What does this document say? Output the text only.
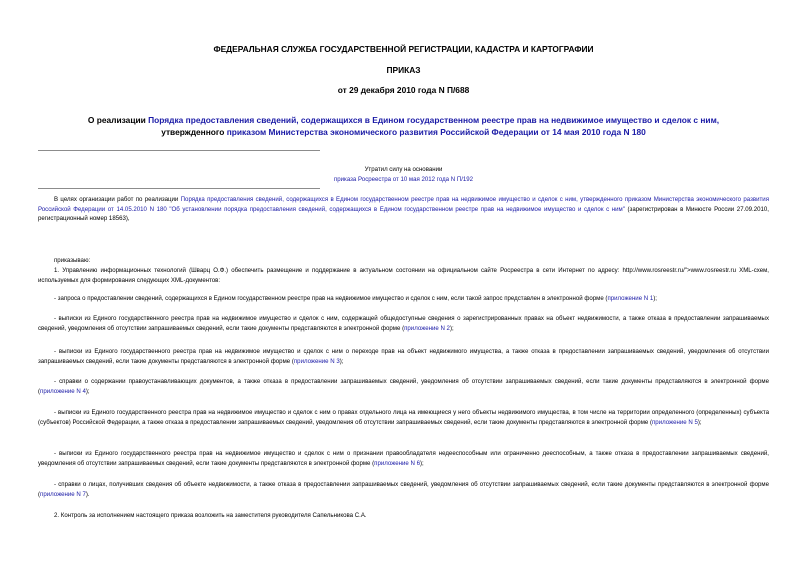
ФЕДЕРАЛЬНАЯ СЛУЖБА ГОСУДАРСТВЕННОЙ РЕГИСТРАЦИИ, КАДАСТРА И КАРТОГРАФИИ
ПРИКАЗ
от 29 декабря 2010 года N П/688
О реализации Порядка предоставления сведений, содержащихся в Едином государственном реестре прав на недвижимое имущество и сделок с ним,
утвержденного приказом Министерства экономического развития Российской Федерации от 14 мая 2010 года N 180
Утратил силу на основании
приказа Росреестра от 10 мая 2012 года N П/192
В целях организации работ по реализации Порядка предоставления сведений, содержащихся в Едином государственном реестре прав на недвижимое имущество и сделок с ним, утвержденного приказом Министерства экономического развития Российской Федерации от 14.05.2010 N 180 "Об установлении порядка предоставления сведений, содержащихся в Едином государственном реестре прав на недвижимое имущество и сделок с ним" (зарегистрирован в Минюсте России 27.09.2010, регистрационный номер 18563),
приказываю:
1. Управлению информационных технологий (Шварц О.Ф.) обеспечить размещение и поддержание в актуальном состоянии на официальном сайте Росреестра в сети Интернет по адресу: http://www.rosreestr.ru/">www.rosreestr.ru XML-схем, используемых для формирования следующих XML-документов:
- запроса о предоставлении сведений, содержащихся в Едином государственном реестре прав на недвижимое имущество и сделок с ним, если такой запрос представлен в электронной форме (приложение N 1);
- выписки из Единого государственного реестра прав на недвижимое имущество и сделок с ним, содержащей общедоступные сведения о зарегистрированных правах на объект недвижимости, а также отказа в предоставлении запрашиваемых сведений, уведомления об отсутствии запрашиваемых сведений, если такие документы представляются в электронной форме (приложение N 2);
- выписки из Единого государственного реестра прав на недвижимое имущество и сделок с ним о переходе прав на объект недвижимого имущества, а также отказа в предоставлении запрашиваемых сведений, уведомления об отсутствии запрашиваемых сведений, если такие документы представляются в электронной форме (приложение N 3);
- справки о содержании правоустанавливающих документов, а также отказа в предоставлении запрашиваемых сведений, уведомления об отсутствии запрашиваемых сведений, если такие документы представляются в электронной форме (приложение N 4);
- выписки из Единого государственного реестра прав на недвижимое имущество и сделок с ним о правах отдельного лица на имеющиеся у него объекты недвижимого имущества, в том числе на территории определенного (определенных) субъекта (субъектов) Российской Федерации, а также отказа в предоставлении запрашиваемых сведений, уведомления об отсутствии запрашиваемых сведений, если такие документы представляются в электронной форме (приложение N 5);
- выписки из Единого государственного реестра прав на недвижимое имущество и сделок с ним о признании правообладателя недееспособным или ограниченно дееспособным, а также отказа в предоставлении запрашиваемых сведений, уведомления об отсутствии запрашиваемых сведений, если такие документы представляются в электронной форме (приложение N 6);
- справки о лицах, получивших сведения об объекте недвижимости, а также отказа в предоставлении запрашиваемых сведений, уведомления об отсутствии запрашиваемых сведений, если такие документы представляются в электронной форме (приложение N 7).
2. Контроль за исполнением настоящего приказа возложить на заместителя руководителя Сапельникова С.А.
